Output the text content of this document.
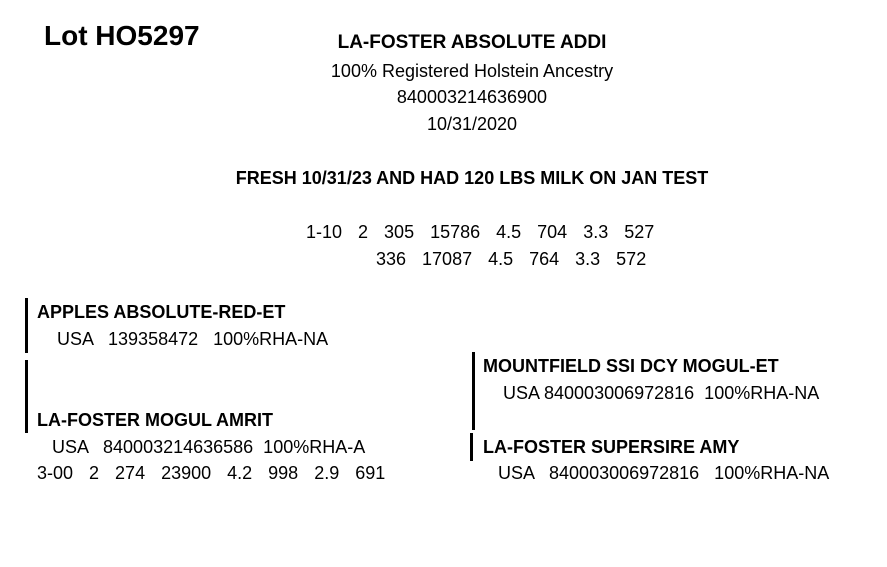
Lot HO5297	LA-FOSTER ABSOLUTE ADDI
100% Registered Holstein Ancestry
840003214636900
10/31/2020
FRESH 10/31/23 AND HAD 120 LBS MILK ON JAN TEST
1-10  2  305  15786  4.5  704  3.3  527
336  17087  4.5  764  3.3  572
APPLES ABSOLUTE-RED-ET
USA   139358472   100%RHA-NA
LA-FOSTER MOGUL AMRIT
USA   840003214636586  100%RHA-A
3-00  2  274  23900  4.2  998  2.9  691
MOUNTFIELD SSI DCY MOGUL-ET
USA 840003006972816  100%RHA-NA
LA-FOSTER SUPERSIRE AMY
USA   840003006972816   100%RHA-NA
